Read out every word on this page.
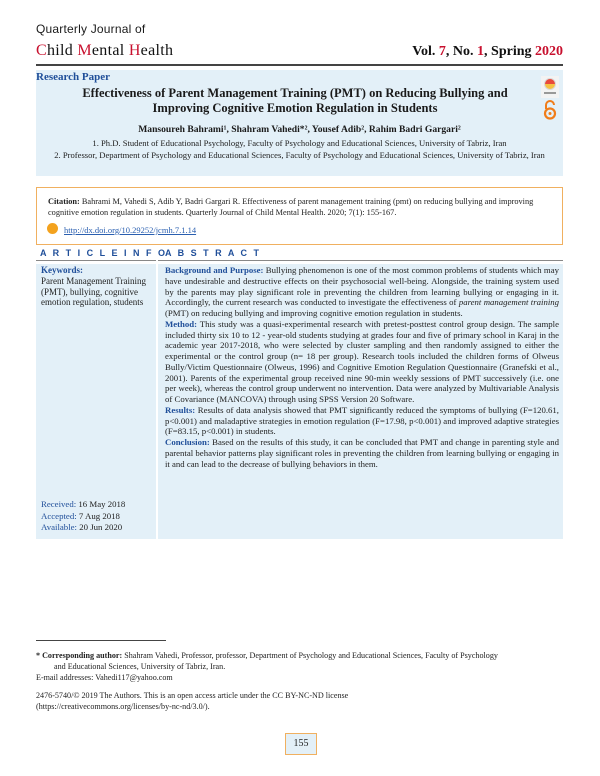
Quarterly Journal of
Child Mental Health	Vol. 7, No. 1, Spring 2020
Research Paper
Effectiveness of Parent Management Training (PMT) on Reducing Bullying and Improving Cognitive Emotion Regulation in Students
Mansoureh Bahrami¹, Shahram Vahedi*², Yousef Adib², Rahim Badri Gargari²
1. Ph.D. Student of Educational Psychology, Faculty of Psychology and Educational Sciences, University of Tabriz, Iran
2. Professor, Department of Psychology and Educational Sciences, Faculty of Psychology and Educational Sciences, University of Tabriz, Iran
Citation: Bahrami M, Vahedi S, Adib Y, Badri Gargari R. Effectiveness of parent management training (pmt) on reducing bullying and improving cognitive emotion regulation in students. Quarterly Journal of Child Mental Health. 2020; 7(1): 155-167.
http://dx.doi.org/10.29252/jcmh.7.1.14
A R T I C L E I N F O
A B S T R A C T
Keywords:
Parent Management Training (PMT), bullying, cognitive emotion regulation, students
Received: 16 May 2018
Accepted: 7 Aug 2018
Available: 20 Jun 2020

Background and Purpose: Bullying phenomenon is one of the most common problems of students which may have undesirable and destructive effects on their psychosocial well-being. Alongside, the training system used by the parents may play significant role in preventing the children from learning bullying or engaging in it. Accordingly, the current research was conducted to investigate the effectiveness of parent management training (PMT) on reducing bullying and improving cognitive emotion regulation in students.

Method: This study was a quasi-experimental research with pretest-posttest control group design. The sample included thirty six 10 to 12 - year-old students studying at grades four and five of primary school in Karaj in the academic year 2017-2018, who were selected by cluster sampling and then randomly assigned to either the experimental or the control group (n= 18 per group). Research tools included the children forms of Olweus Bully/Victim Questionnaire (Olweus, 1996) and Cognitive Emotion Regulation Questionnaire (Granefski et al., 2001). Parents of the experimental group received nine 90-min weekly sessions of PMT successively (i.e. one per week), whereas the control group underwent no intervention. Data were analyzed by Multivariable Analysis of Covariance (MANCOVA) through using SPSS Version 20 Software.

Results: Results of data analysis showed that PMT significantly reduced the symptoms of bullying (F=120.61, p<0.001) and maladaptive strategies in emotion regulation (F=17.98, p<0.001) and improved adaptive strategies (F=83.15, p<0.001) in students.

Conclusion: Based on the results of this study, it can be concluded that PMT and change in parenting style and parental behavior patterns play significant roles in preventing the children from learning bullying or engaging in it and can lead to the decrease of bullying behaviors in them.

* Corresponding author: Shahram Vahedi, Professor, professor, Department of Psychology and Educational Sciences, Faculty of Psychology
and Educational Sciences, University of Tabriz, Iran.
E-mail addresses: Vahedi117@yahoo.com
2476-5740/© 2019 The Authors. This is an open access article under the CC BY-NC-ND license
(https://creativecommons.org/licenses/by-nc-nd/3.0/).
155
